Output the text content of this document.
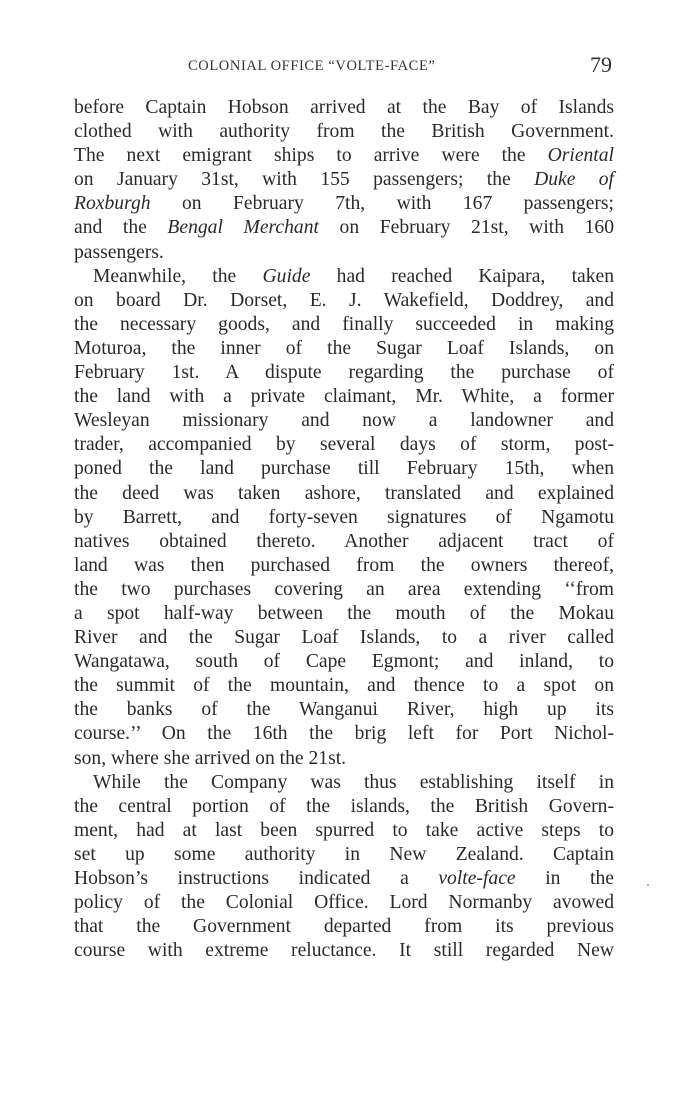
COLONIAL OFFICE “VOLTE-FACE”	79
before Captain Hobson arrived at the Bay of Islands
clothed with authority from the British Government.
The next emigrant ships to arrive were the Oriental
on January 31st, with 155 passengers; the Duke of
Roxburgh on February 7th, with 167 passengers;
and the Bengal Merchant on February 21st, with 160
passengers.
Meanwhile, the Guide had reached Kaipara, taken
on board Dr. Dorset, E. J. Wakefield, Doddrey, and
the necessary goods, and finally succeeded in making
Moturoa, the inner of the Sugar Loaf Islands, on
February 1st. A dispute regarding the purchase of
the land with a private claimant, Mr. White, a former
Wesleyan missionary and now a landowner and
trader, accompanied by several days of storm, post-
poned the land purchase till February 15th, when
the deed was taken ashore, translated and explained
by Barrett, and forty-seven signatures of Ngamotu
natives obtained thereto. Another adjacent tract of
land was then purchased from the owners thereof,
the two purchases covering an area extending ‘‘from
a spot half-way between the mouth of the Mokau
River and the Sugar Loaf Islands, to a river called
Wangatawa, south of Cape Egmont; and inland, to
the summit of the mountain, and thence to a spot on
the banks of the Wanganui River, high up its
course.’’ On the 16th the brig left for Port Nichol-
son, where she arrived on the 21st.
While the Company was thus establishing itself in
the central portion of the islands, the British Govern-
ment, had at last been spurred to take active steps to
set up some authority in New Zealand. Captain
Hobson’s instructions indicated a volte-face in the
policy of the Colonial Office. Lord Normanby avowed
that the Government departed from its previous
course with extreme reluctance. It still regarded New
